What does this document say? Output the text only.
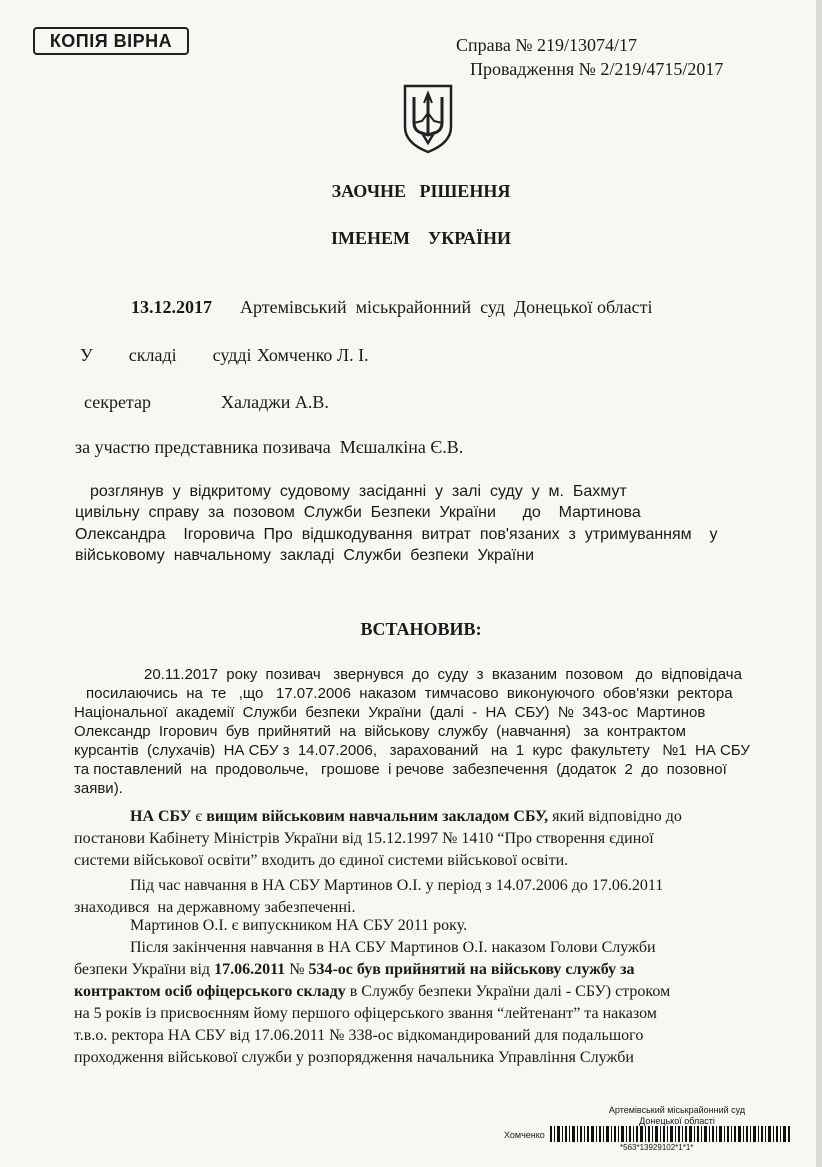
КОПІЯ ВІРНА	Справа № 219/13074/17
Провадження № 2/219/4715/2017
ЗАОЧНЕ   РІШЕННЯ
ІМЕНЕМ    УКРАЇНИ
13.12.2017 Артемівський  міськрайонний  суд  Донецької області
У        складі        судді Хомченко Л. І.
секретар	Халаджи А.В.
за участю представника позивача  Мєшалкіна Є.В.
розглянув  у  відкритому  судовому  засіданні  у  залі  суду  у  м.  Бахмут
цивільну  справу  за  позовом  Служби  Безпеки  України      до    Мартинова
Олександра    Ігоровича  Про  відшкодування  витрат  пов'язаних  з  утримуванням    у
військовому  навчальному  закладі  Служби  безпеки  України
ВСТАНОВИВ:
20.11.2017  року  позивач   звернувся  до  суду  з  вказаним  позовом   до  відповідача
посилаючись  на  те   ,що   17.07.2006  наказом  тимчасово  виконуючого  обов'язки  ректора
Національної  академії  Служби  безпеки  України  (далі  -  НА  СБУ)  №  343-ос  Мартинов
Олександр  Ігорович  був  прийнятий  на  військову  службу  (навчання)   за  контрактом
курсантів  (слухачів)  НА СБУ з  14.07.2006,   зарахований   на  1  курс  факультету   №1  НА СБУ
та поставлений  на  продовольче,   грошове  і речове  забезпечення  (додаток  2  до  позовної
заяви).
НА СБУ є вищим військовим навчальним закладом СБУ, який відповідно до
постанови Кабінету Міністрів України від 15.12.1997 № 1410 “Про створення єдиної
системи військової освіти” входить до єдиної системи військової освіти.
Під час навчання в НА СБУ Мартинов О.І. у період з 14.07.2006 до 17.06.2011
знаходився  на державному забезпеченні.
Мартинов О.І. є випускником НА СБУ 2011 року.
Після закінчення навчання в НА СБУ Мартинов О.І. наказом Голови Служби
безпеки України від 17.06.2011 № 534-ос був прийнятий на військову службу за
контрактом осіб офіцерського складу в Службу безпеки України далі - СБУ) строком
на 5 років із присвоєнням йому першого офіцерського звання “лейтенант” та наказом
т.в.о. ректора НА СБУ від 17.06.2011 № 338-ос відкомандирований для подальшого
проходження військової служби у розпорядження начальника Управління Служби
Артемівський міськрайонний суд
Донецької області
Хомченко
*563*13929102*1*1*
